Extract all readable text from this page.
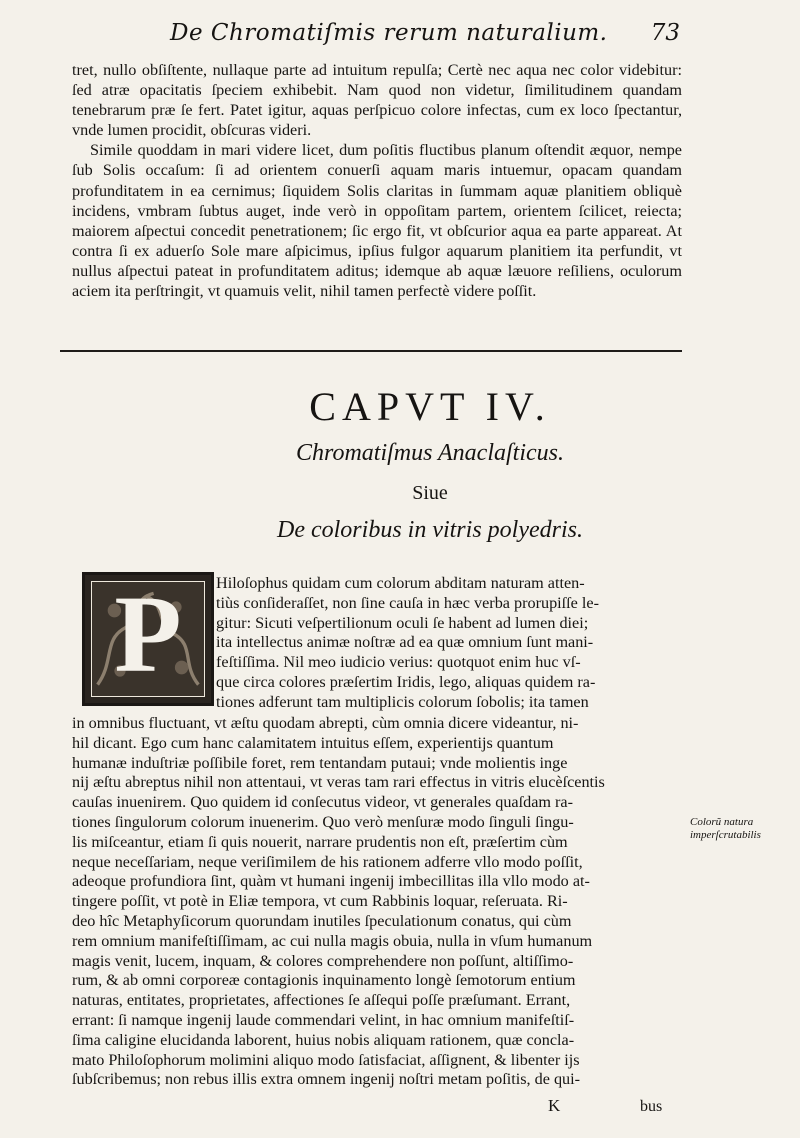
De Chromatiſmis rerum naturalium. 73

tret, nullo obſiſtente, nullaque parte ad intuitum repulſa; Certè nec aqua nec color videbitur: ſed atræ opacitatis ſpeciem exhibebit. Nam quod non videtur, ſimilitudinem quandam tenebrarum præ ſe fert. Patet igitur, aquas perſpicuo colore infectas, cum ex loco ſpectantur, vnde lumen procidit, obſcuras videri.

Simile quoddam in mari videre licet, dum poſitis fluctibus planum oſtendit æquor, nempe ſub Solis occaſum: ſi ad orientem conuerſi aquam maris intuemur, opacam quandam profunditatem in ea cernimus; ſiquidem Solis claritas in ſummam aquæ planitiem obliquè incidens, vmbram ſubtus auget, inde verò in oppoſitam partem, orientem ſcilicet, reiecta; maiorem aſpectui concedit penetrationem; ſic ergo fit, vt obſcurior aqua ea parte appareat. At contra ſi ex aduerſo Sole mare aſpicimus, ipſius fulgor aquarum planitiem ita perfundit, vt nullus aſpectui pateat in profunditatem aditus; idemque ab aquæ læuore reſiliens, oculorum aciem ita perſtringit, vt quamuis velit, nihil tamen perfectè videre poſſit.

CAPVT IV.
Chromatiſmus Anaclaſticus.
Siue
De coloribus in vitris polyedris.
P	Hiloſophus quidam cum colorum abditam naturam atten-
tiùs conſideraſſet, non ſine cauſa in hæc verba prorupiſſe le-
gitur: Sicuti veſpertilionum oculi ſe habent ad lumen diei;
ita intellectus animæ noſtræ ad ea quæ omnium ſunt mani-
feſtiſſima. Nil meo iudicio verius: quotquot enim huc vſ-
que circa colores præſertim Iridis, lego, aliquas quidem ra-
tiones adferunt tam multiplicis colorum ſobolis; ita tamen
in omnibus fluctuant, vt æſtu quodam abrepti, cùm omnia dicere videantur, ni-
hil dicant. Ego cum hanc calamitatem intuitus eſſem, experientijs quantum
humanæ induſtriæ poſſibile foret, rem tentandam putaui; vnde molientis inge
nij æſtu abreptus nihil non attentaui, vt veras tam rari effectus in vitris elucèſcentis
cauſas inuenirem. Quo quidem id conſecutus videor, vt generales quaſdam ra-
tiones ſingulorum colorum inuenerim. Quo verò menſuræ modo ſinguli ſingu-
lis miſceantur, etiam ſi quis nouerit, narrare prudentis non eſt, præſertim cùm
neque neceſſariam, neque veriſimilem de his rationem adferre vllo modo poſſit,
adeoque profundiora ſint, quàm vt humani ingenij imbecillitas illa vllo modo at-
tingere poſſit, vt potè in Eliæ tempora, vt cum Rabbinis loquar, reſeruata. Ri-
deo hîc Metaphyſicorum quorundam inutiles ſpeculationum conatus, qui cùm
rem omnium manifeſtiſſimam, ac cui nulla magis obuia, nulla in vſum humanum
magis venit, lucem, inquam, & colores comprehendere non poſſunt, altiſſimo-
rum, & ab omni corporeæ contagionis inquinamento longè ſemotorum entium
naturas, entitates, proprietates, affectiones ſe aſſequi poſſe præſumant. Errant,
errant: ſi namque ingenij laude commendari velint, in hac omnium manifeſtiſ-
ſima caligine elucidanda laborent, huius nobis aliquam rationem, quæ concla-
mato Philoſophorum molimini aliquo modo ſatisfaciat, aſſignent, & libenter ijs
ſubſcribemus; non rebus illis extra omnem ingenij noſtri metam poſitis, de qui-
Colorũ natura imperſcrutabilis
K	bus
